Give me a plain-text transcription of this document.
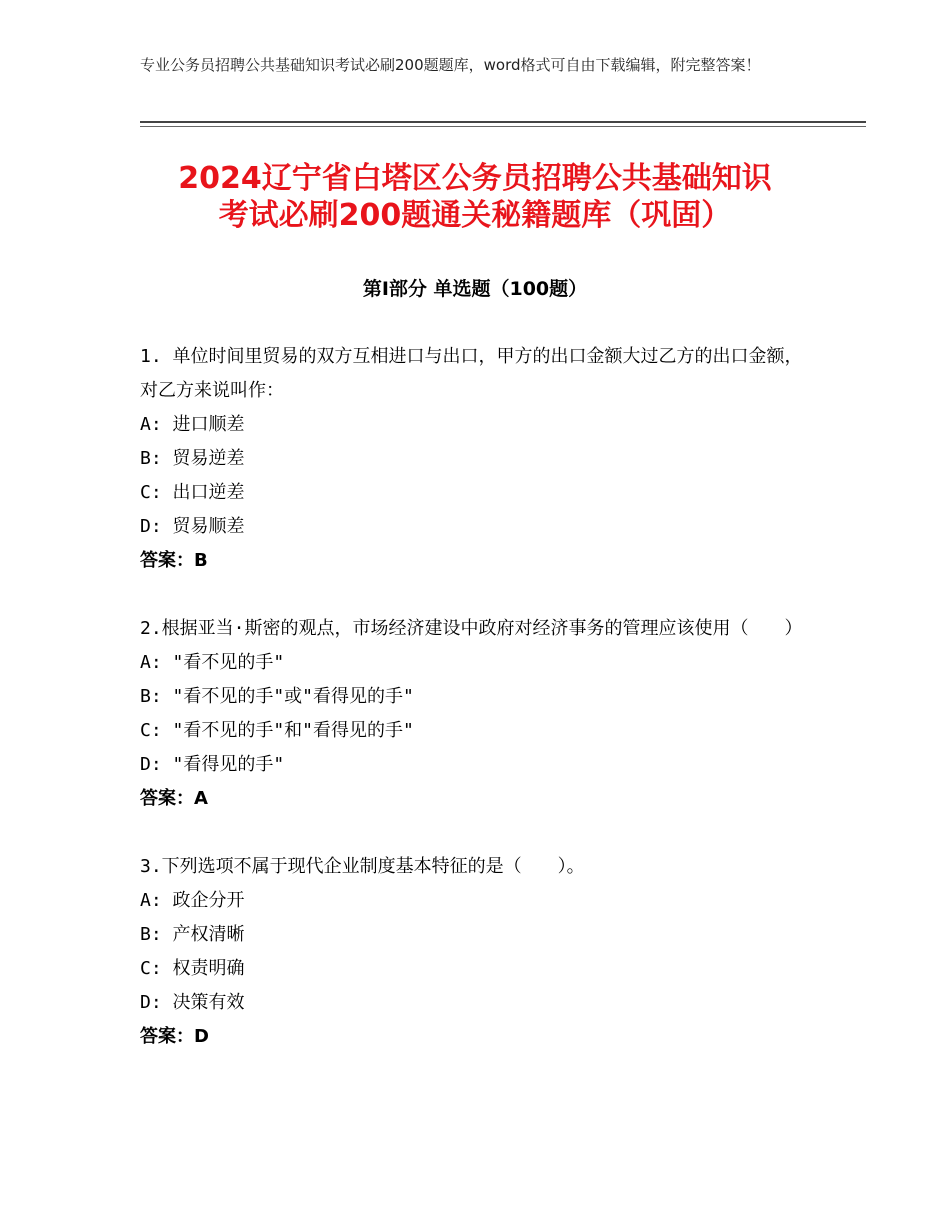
专业公务员招聘公共基础知识考试必刷200题题库，word格式可自由下载编辑，附完整答案！
2024辽宁省白塔区公务员招聘公共基础知识
考试必刷200题通关秘籍题库（巩固）
第Ⅰ部分 单选题（100题）
1. 单位时间里贸易的双方互相进口与出口，甲方的出口金额大过乙方的出口金额，对乙方来说叫作：
A: 进口顺差
B: 贸易逆差
C: 出口逆差
D: 贸易顺差
答案：B
2.根据亚当·斯密的观点，市场经济建设中政府对经济事务的管理应该使用（　　）
A: "看不见的手"
B: "看不见的手"或"看得见的手"
C: "看不见的手"和"看得见的手"
D: "看得见的手"
答案：A
3.下列选项不属于现代企业制度基本特征的是（　　）。
A: 政企分开
B: 产权清晰
C: 权责明确
D: 决策有效
答案：D
